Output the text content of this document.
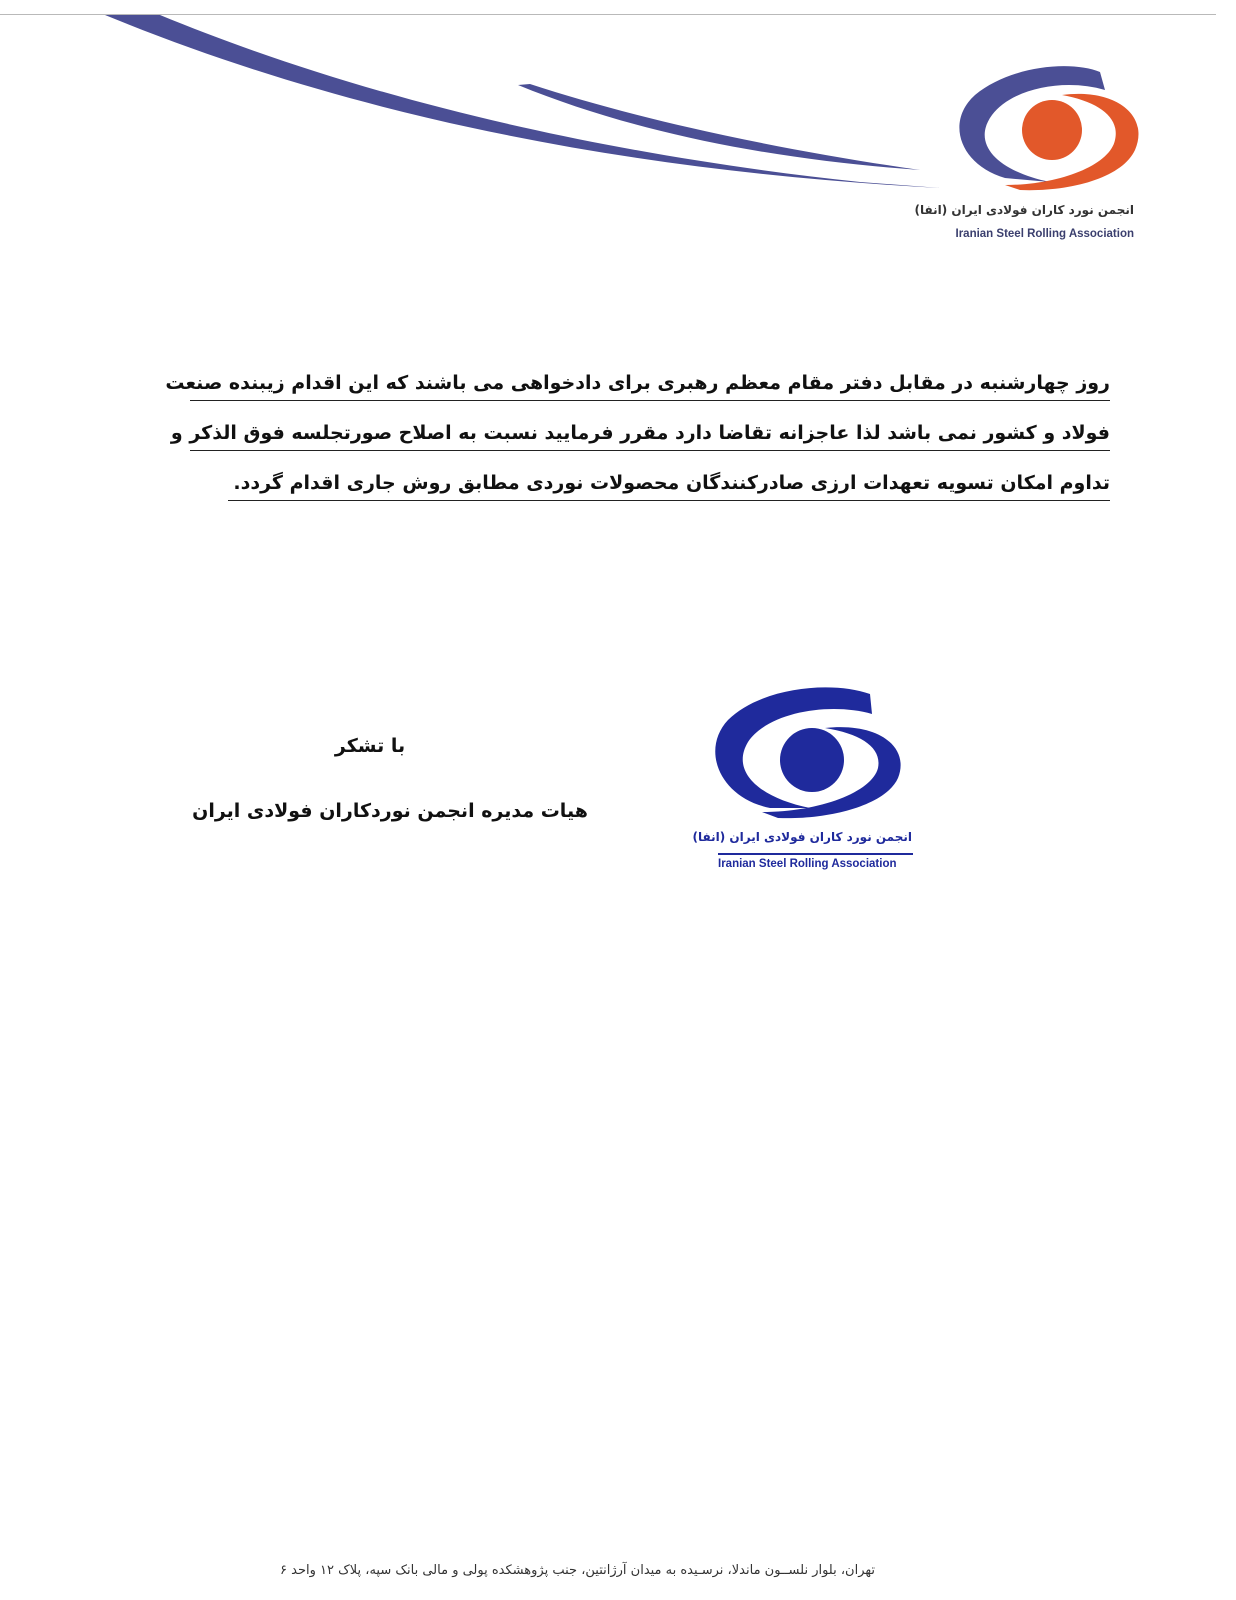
انجمن نورد کاران فولادی ایران (انفا)
Iranian Steel Rolling Association
روز چهارشنبه در مقابل دفتر مقام معظم رهبری برای دادخواهی می باشند که این اقدام زیبنده صنعت
فولاد و کشور نمی باشد لذا عاجزانه تقاضا دارد مقرر فرمایید نسبت به اصلاح صورتجلسه فوق الذکر و
تداوم امکان تسویه تعهدات ارزی صادرکنندگان محصولات نوردی مطابق روش جاری اقدام گردد.
با تشکر
هیات مدیره انجمن نوردکاران فولادی ایران
انجمن نورد کاران فولادی ایران (انفا)
Iranian Steel Rolling Association
تهران، بلوار نلســون ماندلا، نرسـیده به میدان آرژانتین، جنب پژوهشکده پولی و مالی بانک سپه، پلاک ۱۲ واحد ۶
